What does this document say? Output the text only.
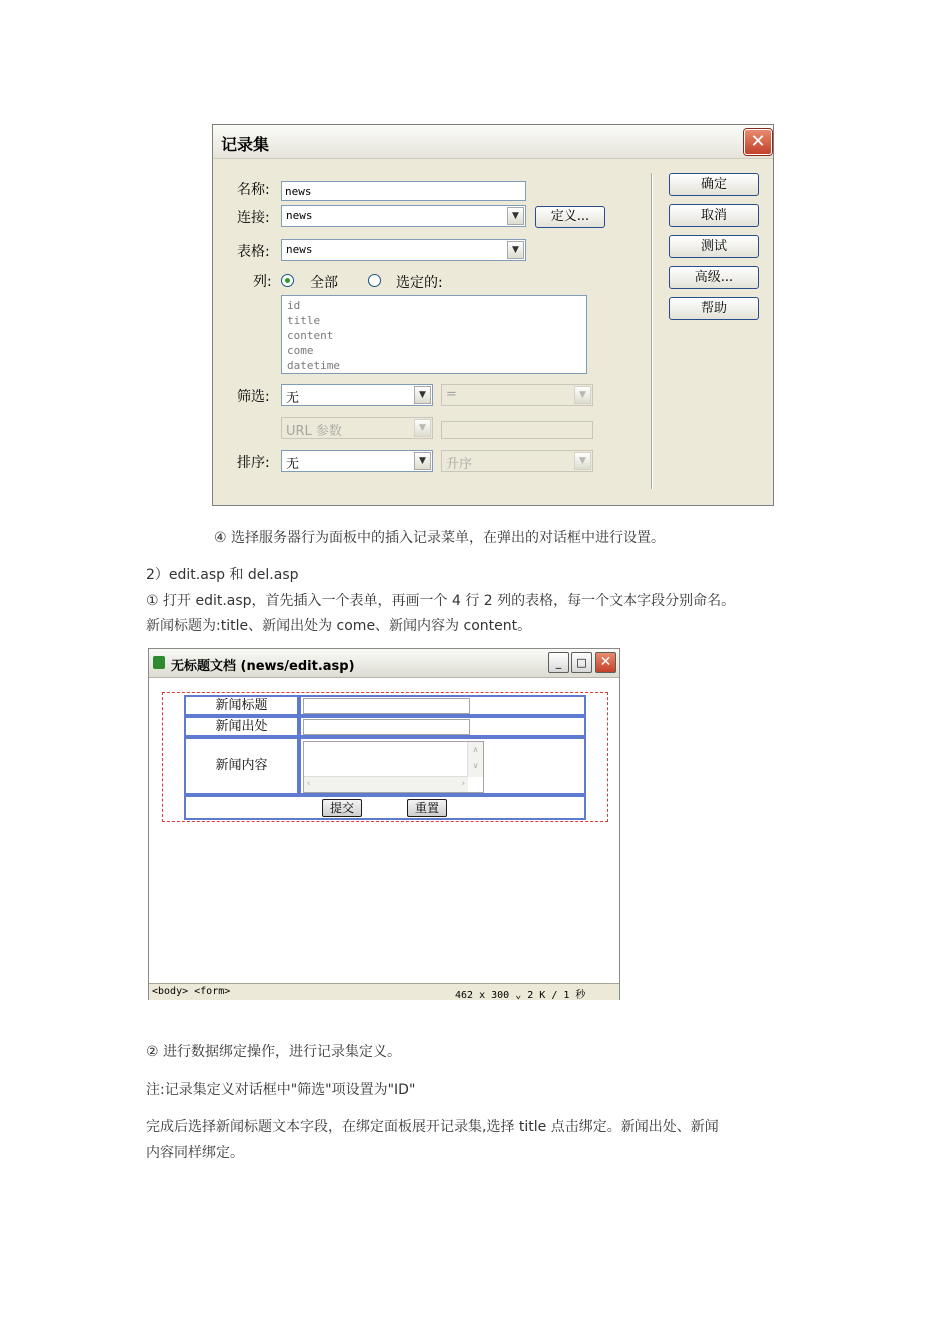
记录集	✕
名称:	news
连接:	news	▼	定义...
表格:	news	▼
列:	全部	选定的:
id
title
content
come
datetime
筛选:	无	▼	=	▼
URL 参数	▼
排序:	无	▼	升序	▼
确定
取消
测试
高级...
帮助
④ 选择服务器行为面板中的插入记录菜单，在弹出的对话框中进行设置。
2）edit.asp 和 del.asp
① 打开 edit.asp，首先插入一个表单，再画一个 4 行 2 列的表格，每一个文本字段分别命名。
新闻标题为:title、新闻出处为 come、新闻内容为 content。
无标题文档 (news/edit.asp)	_	□ ✕
新闻标题
新闻出处
新闻内容
∧
∨
‹	›
提交	重置
<body> <form>	462 x 300 ⌄ 2 K / 1 秒
② 进行数据绑定操作，进行记录集定义。
注:记录集定义对话框中"筛选"项设置为"ID"
完成后选择新闻标题文本字段，在绑定面板展开记录集,选择 title 点击绑定。新闻出处、新闻
内容同样绑定。
